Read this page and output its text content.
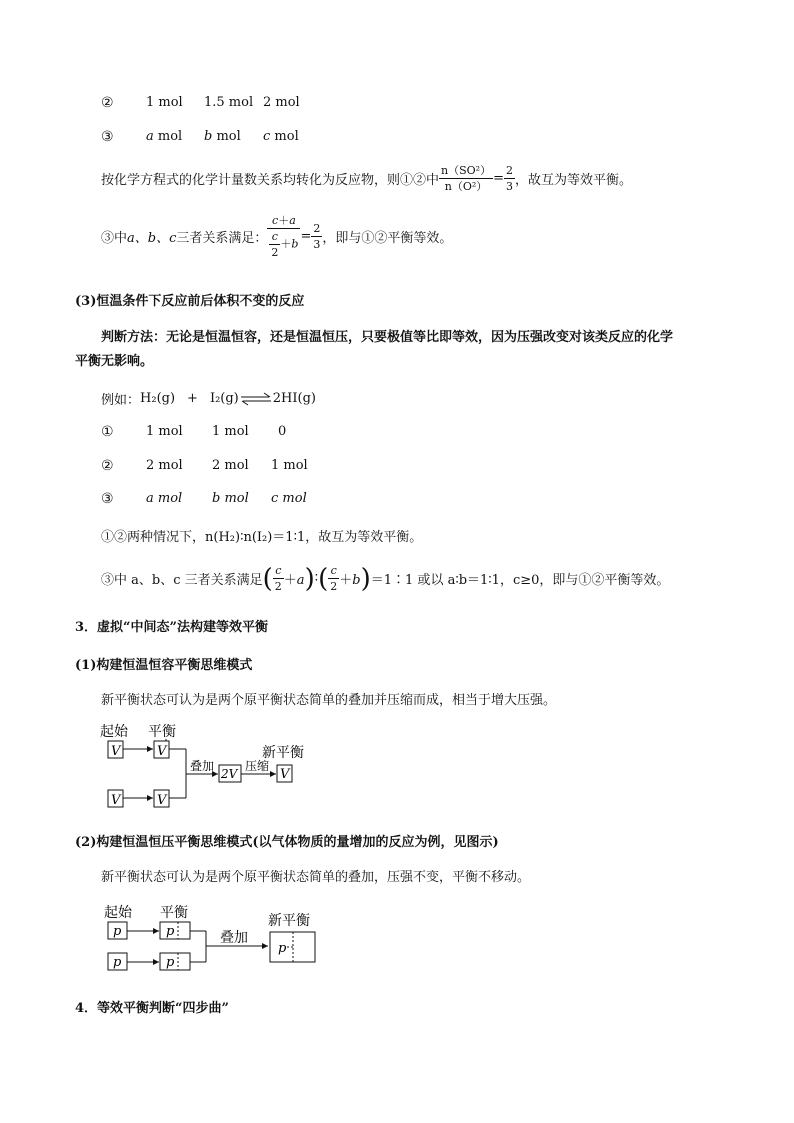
② 1 mol 1.5 mol 2 mol
③ a mol b mol c mol
按化学方程式的化学计量数关系均转化为反应物，则①②中 $\frac{\text{n（SO²）}}{\text{n（O²）}} = \frac{2}{3}$ ，故互为等效平衡。
③中 a、b、c 三者关系满足： $\frac{c+a}{\frac{c}{2} +b} = \frac{2}{3}$ ，即与①②平衡等效。
(3)恒温条件下反应前后体积不变的反应
判断方法：无论是恒温恒容，还是恒温恒压，只要极值等比即等效，因为压强改变对该类反应的化学
平衡无影响。
例如： H₂(g) + I₂(g) ⇌ 2HI(g)
① 1 mol 1 mol 0
② 2 mol 2 mol 1 mol
③ a mol b mol c mol
①②两种情况下，n(H₂)∶n(I₂)＝1∶1，故互为等效平衡。
③中 a、b、c 三者关系满足 ( $\frac{c}{2} +a$ ) ∶ ( $\frac{c}{2} +b$ ) ＝1∶1 或以 a∶b＝1∶1，c≥0，即与①②平衡等效。
3．虚拟“中间态”法构建等效平衡
(1)构建恒温恒容平衡思维模式
新平衡状态可认为是两个原平衡状态简单的叠加并压缩而成，相当于增大压强。
起始 平衡
新平衡
V	V
V	V
叠加
2V
压缩
V
(2)构建恒温恒压平衡思维模式(以气体物质的量增加的反应为例，见图示)
新平衡状态可认为是两个原平衡状态简单的叠加，压强不变，平衡不移动。
起始 平衡	新平衡
p	p
p	p
叠加
p
4．等效平衡判断“四步曲”
